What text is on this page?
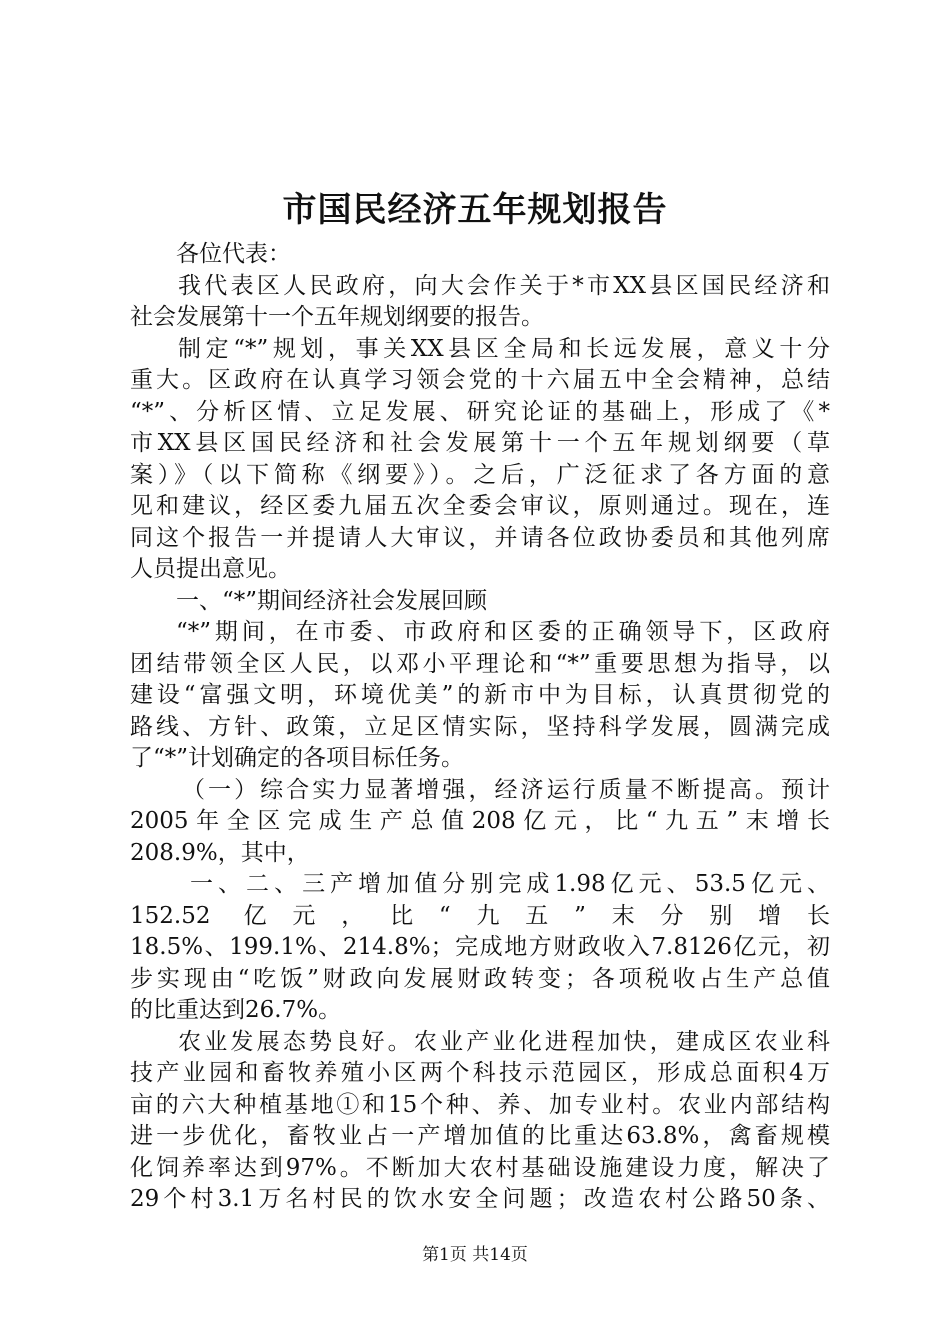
市国民经济五年规划报告
各位代表：
我代表区人民政府，向大会作关于*市XX县区国民经济和
社会发展第十一个五年规划纲要的报告。
制定“*”规划，事关XX县区全局和长远发展，意义十分
重大。区政府在认真学习领会党的十六届五中全会精神，总结
“*”、分析区情、立足发展、研究论证的基础上，形成了《*
市XX县区国民经济和社会发展第十一个五年规划纲要（草
案）》（以下简称《纲要》）。之后，广泛征求了各方面的意
见和建议，经区委九届五次全委会审议，原则通过。现在，连
同这个报告一并提请人大审议，并请各位政协委员和其他列席
人员提出意见。
一、“*”期间经济社会发展回顾
“*”期间，在市委、市政府和区委的正确领导下，区政府
团结带领全区人民，以邓小平理论和“*”重要思想为指导，以
建设“富强文明，环境优美”的新市中为目标，认真贯彻党的
路线、方针、政策，立足区情实际，坚持科学发展，圆满完成
了“*”计划确定的各项目标任务。
（一）综合实力显著增强，经济运行质量不断提高。预计
2005年全区完成生产总值208亿元，比“九五”末增长
208.9%，其中，
一、二、三产增加值分别完成1.98亿元、53.5亿元、
152.52 亿元，比“九五”末分别增长
18.5%、199.1%、214.8%；完成地方财政收入7.8126亿元，初
步实现由“吃饭”财政向发展财政转变；各项税收占生产总值
的比重达到26.7%。
农业发展态势良好。农业产业化进程加快，建成区农业科
技产业园和畜牧养殖小区两个科技示范园区，形成总面积4万
亩的六大种植基地①和15个种、养、加专业村。农业内部结构
进一步优化，畜牧业占一产增加值的比重达63.8%，禽畜规模
化饲养率达到97%。不断加大农村基础设施建设力度，解决了
29个村3.1万名村民的饮水安全问题；改造农村公路50条、
第1页 共14页
